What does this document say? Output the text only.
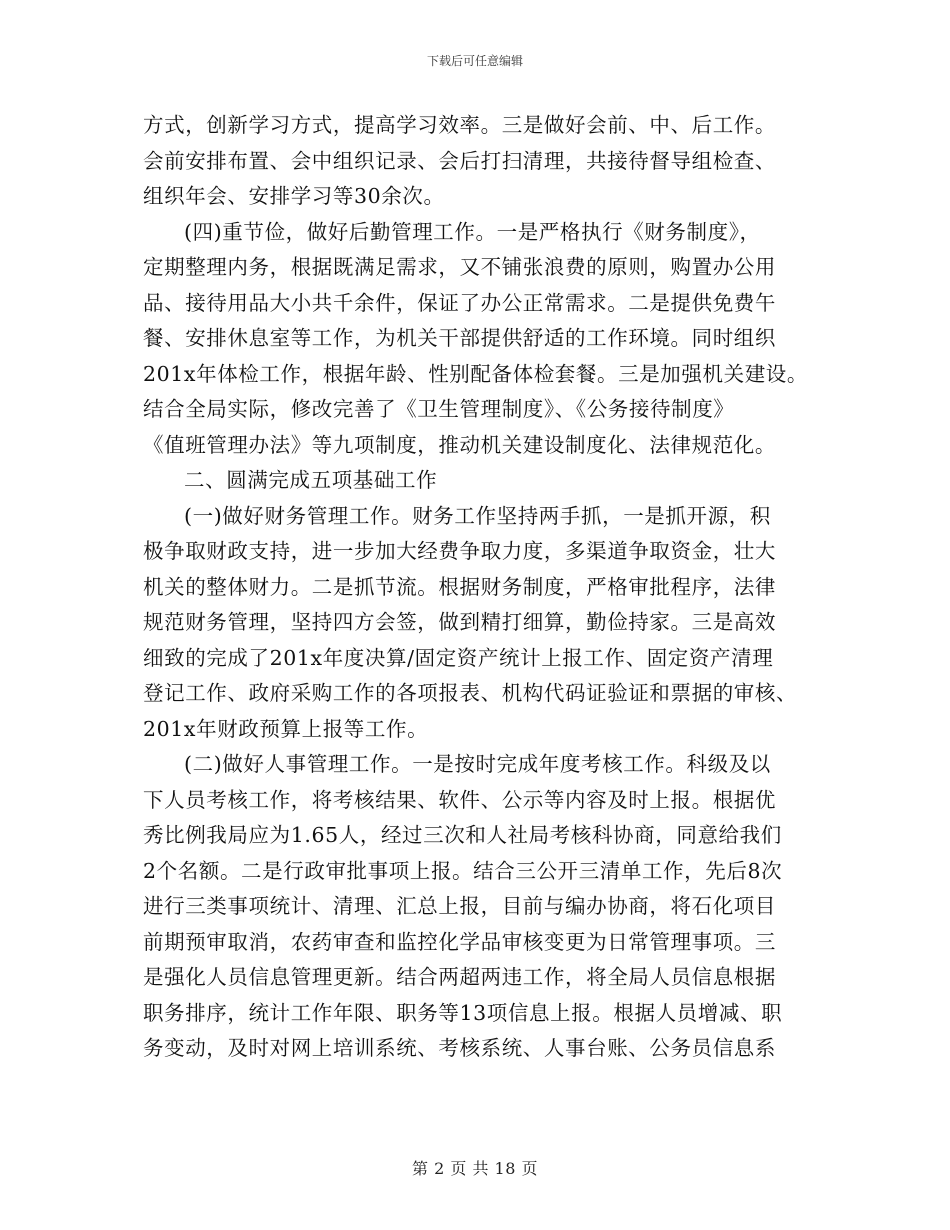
下载后可任意编辑
方式，创新学习方式，提高学习效率。三是做好会前、中、后工作。
会前安排布置、会中组织记录、会后打扫清理，共接待督导组检查、
组织年会、安排学习等30余次。
(四)重节俭，做好后勤管理工作。一是严格执行《财务制度》，
定期整理内务，根据既满足需求，又不铺张浪费的原则，购置办公用
品、接待用品大小共千余件，保证了办公正常需求。二是提供免费午
餐、安排休息室等工作，为机关干部提供舒适的工作环境。同时组织
201x年体检工作，根据年龄、性别配备体检套餐。三是加强机关建设。
结合全局实际，修改完善了《卫生管理制度》、《公务接待制度》
《值班管理办法》等九项制度，推动机关建设制度化、法律规范化。
二、圆满完成五项基础工作
(一)做好财务管理工作。财务工作坚持两手抓，一是抓开源，积
极争取财政支持，进一步加大经费争取力度，多渠道争取资金，壮大
机关的整体财力。二是抓节流。根据财务制度，严格审批程序，法律
规范财务管理，坚持四方会签，做到精打细算，勤俭持家。三是高效
细致的完成了201x年度决算/固定资产统计上报工作、固定资产清理
登记工作、政府采购工作的各项报表、机构代码证验证和票据的审核、
201x年财政预算上报等工作。
(二)做好人事管理工作。一是按时完成年度考核工作。科级及以
下人员考核工作，将考核结果、软件、公示等内容及时上报。根据优
秀比例我局应为1.65人，经过三次和人社局考核科协商，同意给我们
2个名额。二是行政审批事项上报。结合三公开三清单工作，先后8次
进行三类事项统计、清理、汇总上报，目前与编办协商，将石化项目
前期预审取消，农药审查和监控化学品审核变更为日常管理事项。三
是强化人员信息管理更新。结合两超两违工作，将全局人员信息根据
职务排序，统计工作年限、职务等13项信息上报。根据人员增减、职
务变动，及时对网上培训系统、考核系统、人事台账、公务员信息系
第 2 页 共 18 页
